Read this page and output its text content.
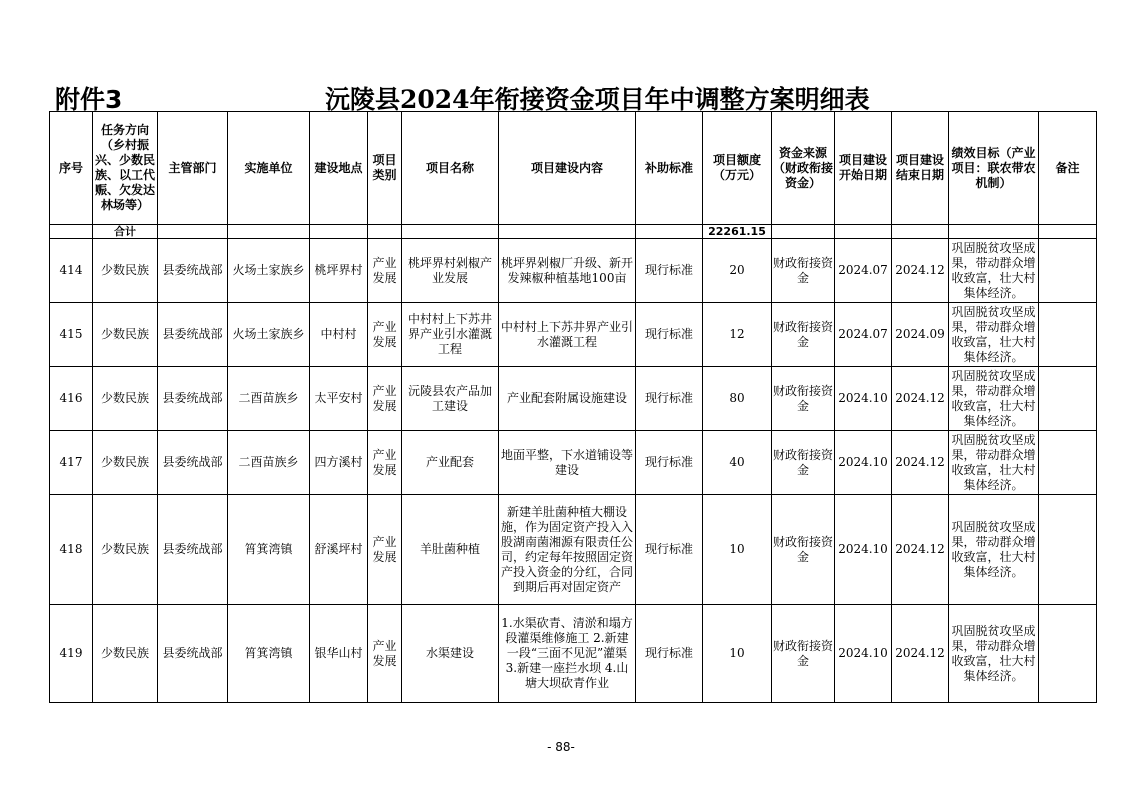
附件3	沅陵县2024年衔接资金项目年中调整方案明细表
序号	任务方向（乡村振兴、少数民族、以工代赈、欠发达林场等）	主管部门	实施单位	建设地点	项目类别	项目名称	项目建设内容	补助标准	项目额度（万元）	资金来源（财政衔接资金）	项目建设开始日期	项目建设结束日期	绩效目标（产业项目：联农带农机制）	备注
	合计								22261.15					
414	少数民族	县委统战部	火场土家族乡	桃坪界村	产业发展	桃坪界村剁椒产业发展	桃坪界剁椒厂升级、新开发辣椒种植基地100亩	现行标准	20	财政衔接资金	2024.07	2024.12	巩固脱贫攻坚成果，带动群众增收致富，壮大村集体经济。	

415	少数民族	县委统战部	火场土家族乡	中村村	产业发展	中村村上下苏井界产业引水灌溉工程	中村村上下苏井界产业引水灌溉工程	现行标准	12	财政衔接资金	2024.07	2024.09	巩固脱贫攻坚成果，带动群众增收致富，壮大村集体经济。	

416	少数民族	县委统战部	二酉苗族乡	太平安村	产业发展	沅陵县农产品加工建设	产业配套附属设施建设	现行标准	80	财政衔接资金	2024.10	2024.12	巩固脱贫攻坚成果，带动群众增收致富，壮大村集体经济。	

417	少数民族	县委统战部	二酉苗族乡	四方溪村	产业发展	产业配套	地面平整，下水道铺设等建设	现行标准	40	财政衔接资金	2024.10	2024.12	巩固脱贫攻坚成果，带动群众增收致富，壮大村集体经济。	

418	少数民族	县委统战部	筲箕湾镇	舒溪坪村	产业发展	羊肚菌种植	新建羊肚菌种植大棚设施，作为固定资产投入入股湖南菌湘源有限责任公司，约定每年按照固定资产投入资金的分红，合同到期后再对固定资产	现行标准	10	财政衔接资金	2024.10	2024.12	巩固脱贫攻坚成果，带动群众增收致富，壮大村集体经济。	

419	少数民族	县委统战部	筲箕湾镇	银华山村	产业发展	水渠建设	1.水渠砍青、清淤和塌方段灌渠维修施工 2.新建一段“三面不见泥”灌渠 3.新建一座拦水坝 4.山塘大坝砍青作业	现行标准	10	财政衔接资金	2024.10	2024.12	巩固脱贫攻坚成果，带动群众增收致富，壮大村集体经济。	

- 88-
